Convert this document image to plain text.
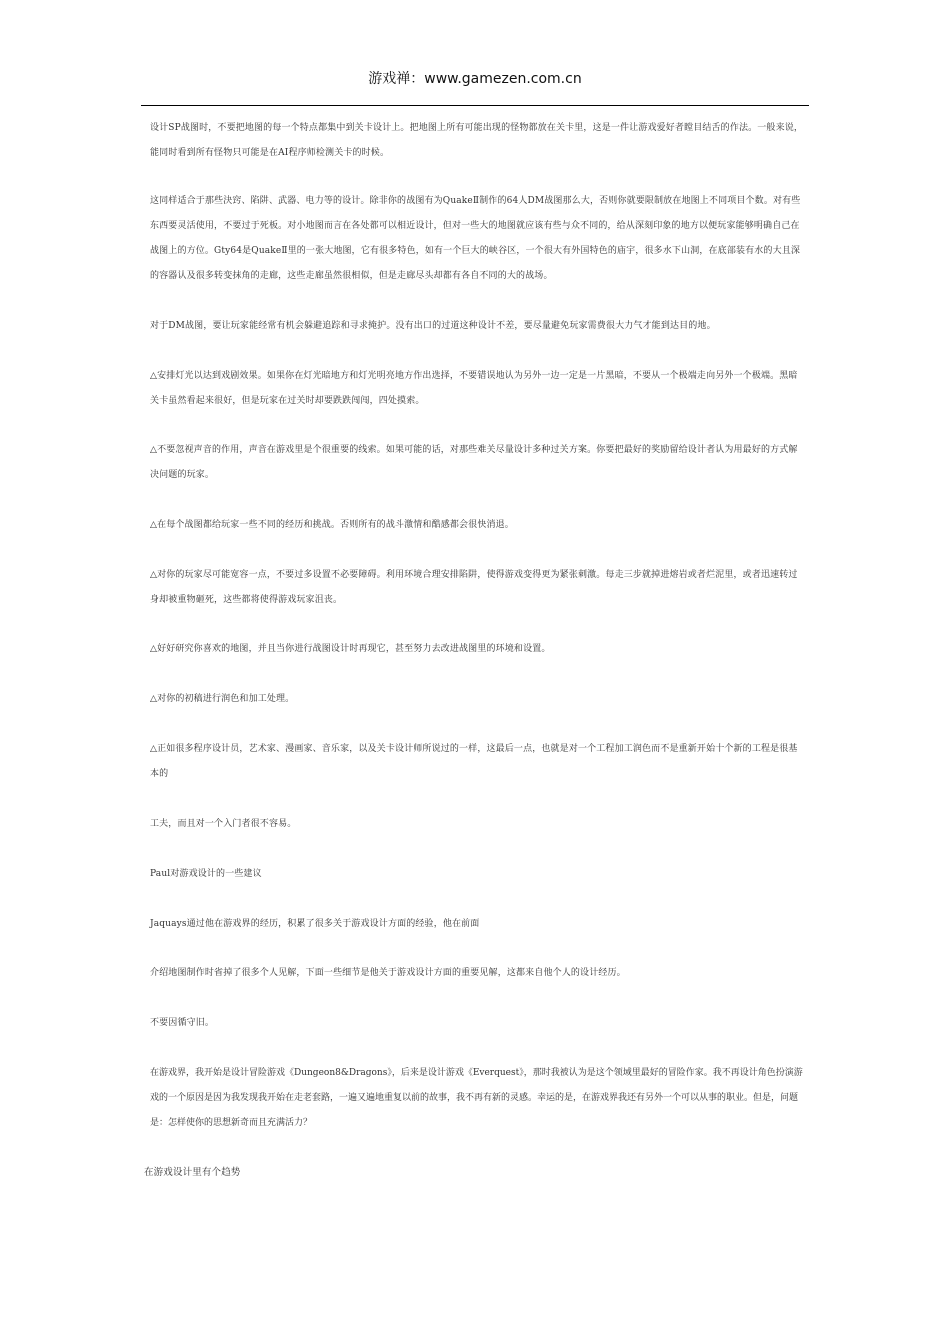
游戏禅：www.gamezen.com.cn

设计SP战图时，不要把地图的每一个特点都集中到关卡设计上。把地图上所有可能出现的怪物都放在关卡里，这是一件让游戏爱好者瞠目结舌的作法。一般来说，能同时看到所有怪物只可能是在AI程序师检测关卡的时候。

这同样适合于那些決窍、陷阱、武器、电力等的设计。除非你的战图有为QuakeⅡ制作的64人DM战图那么大，否则你就要限制放在地图上不同项目个数。对有些东西要灵活使用，不要过于死板。对小地图而言在各处都可以相近设计，但对一些大的地图就应该有些与众不同的，给从深刻印象的地方以便玩家能够明确自己在战图上的方位。Gty64是QuakeⅡ里的一张大地图，它有很多特色，如有一个巨大的峡谷区，一个很大有外国特色的庙宇，很多水下山洞，在底部装有水的大且深的容器认及很多转变抹角的走廊，这些走廊虽然很相似，但是走廊尽头却都有各自不同的大的战场。

对于DM战图，要让玩家能经常有机会躲避追踪和寻求掩护。没有出口的过道这种设计不差，要尽量避免玩家需费很大力气才能到达目的地。

△安排灯光以达到戏剧效果。如果你在灯光暗地方和灯光明亮地方作出选择，不要错误地认为另外一边一定是一片黑暗，不要从一个极端走向另外一个极端。黑暗关卡虽然看起来很好，但是玩家在过关时却要跌跌闯闯，四处摸索。

△不要忽视声音的作用，声音在游戏里是个很重要的线索。如果可能的话，对那些难关尽量设计多种过关方案。你要把最好的奖励留给设计者认为用最好的方式解决问题的玩家。

△在每个战图都给玩家一些不同的经历和挑战。否则所有的战斗激情和酷感都会很快消退。

△对你的玩家尽可能宽容一点，不要过多设置不必要障碍。利用环境合理安排陷阱，使得游戏变得更为紧张刺激。每走三步就掉进熔岩或者烂泥里，或者迅速转过身却被重物砸死，这些都将使得游戏玩家沮丧。

△好好研究你喜欢的地图，并且当你进行战图设计时再现它，甚至努力去改进战图里的环境和设置。

△对你的初稿进行润色和加工处理。

△正如很多程序设计员，艺术家、漫画家、音乐家，以及关卡设计师所说过的一样，这最后一点，也就是对一个工程加工润色而不是重新开始十个新的工程是很基本的

工夫，而且对一个入门者很不容易。

Paul对游戏设计的一些建议

Jaquays通过他在游戏界的经历，积累了很多关于游戏设计方面的经验，他在前面

介绍地图制作时省掉了很多个人见解，下面一些细节是他关于游戏设计方面的重要见解，这都来自他个人的设计经历。

不要因循守旧。

在游戏界，我开始是设计冒险游戏《Dungeon8&Dragons》，后来是设计游戏《Everquest》，那时我被认为是这个领域里最好的冒险作家。我不再设计角色扮演游戏的一个原因是因为我发现我开始在走老套路，一遍又遍地重复以前的故事，我不再有新的灵感。幸运的是，在游戏界我还有另外一个可以从事的职业。但是，问题是：怎样使你的思想新奇而且充满活力？

在游戏设计里有个趋势
